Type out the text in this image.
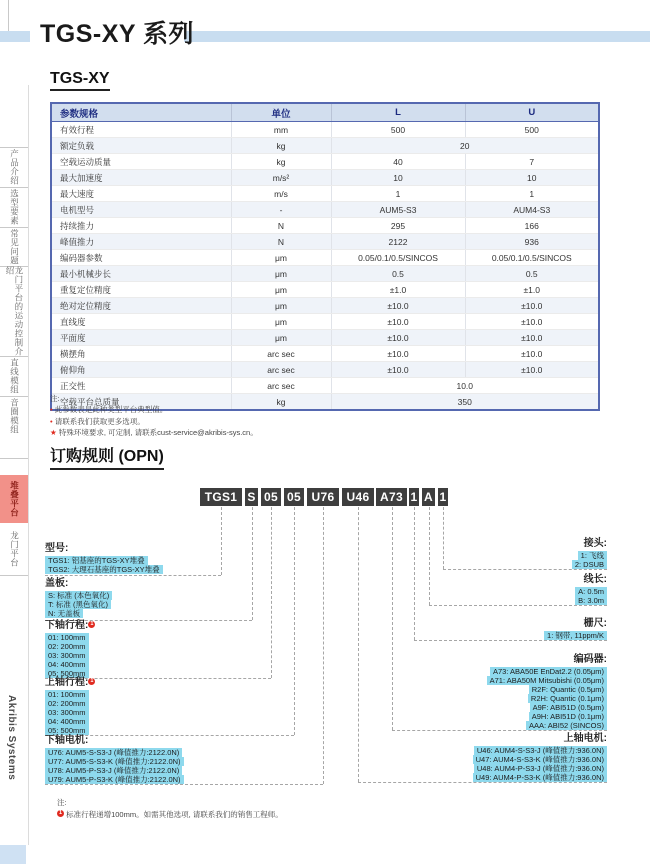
产品介绍
选型要素
常见问题
龙门平台的运动控制介绍
直线模组
音圈模组
堆叠平台
龙门平台
Akribis Systems
TGS-XY 系列
TGS-XY
参数规格	单位	L	U
有效行程	mm	500	500
额定负载	kg	20	
空载运动质量	kg	40	7
最大加速度	m/s²	10	10
最大速度	m/s	1	1
电机型号	-	AUM5-S3	AUM4-S3
持续推力	N	295	166
峰值推力	N	2122	936
编码器参数	μm	0.05/0.1/0.5/SINCOS	0.05/0.1/0.5/SINCOS
最小机械步长	μm	0.5	0.5
重复定位精度	μm	±1.0	±1.0
绝对定位精度	μm	±10.0	±10.0
直线度	μm	±10.0	±10.0
平面度	μm	±10.0	±10.0
横摆角	arc sec	±10.0	±10.0
俯仰角	arc sec	±10.0	±10.0
正交性	arc sec	10.0	
空载平台总质量	kg	350	
注:
• 此参数表是此种类型平台典型值。
• 请联系我们获取更多选项。
★ 特殊环境要求, 可定制, 请联系cust-service@akribis-sys.cn。
订购规则 (OPN)
TGS1 S 05 05 U76	U46 A73 1 A 1
型号:
TGS1: 铝基座的TGS-XY堆叠
TGS2: 大理石基座的TGS-XY堆叠
盖板:
S: 标准 (本色氧化)
T: 标准 (黑色氧化)
N: 无盖板
下轴行程: 1
01: 100mm
02: 200mm
03: 300mm
04: 400mm
05: 500mm
上轴行程: 1
01: 100mm
02: 200mm
03: 300mm
04: 400mm
05: 500mm
下轴电机:
U76: AUM5-S-S3-J (峰值推力:2122.0N)
U77: AUM5-S-S3-K (峰值推力:2122.0N)
U78: AUM5-P-S3-J (峰值推力:2122.0N)
U79: AUM5-P-S3-K (峰值推力:2122.0N)
接头:
1: 飞线
2: DSUB
线长:
A: 0.5m
B: 3.0m
栅尺:
1: 钢带, 11ppm/K
编码器:
A73: ABA50E EnDat2.2 (0.05μm)
A71: ABA50M Mitsubishi (0.05μm)
R2F: Quantic (0.5μm)
R2H: Quantic (0.1μm)
A9F: ABI51D (0.5μm)
A9H: ABI51D (0.1μm)
AAA: ABI52 (SINCOS)
上轴电机:
U46: AUM4-S-S3-J (峰值推力:936.0N)
U47: AUM4-S-S3-K (峰值推力:936.0N)
U48: AUM4-P-S3-J (峰值推力:936.0N)
U49: AUM4-P-S3-K (峰值推力:936.0N)
注:
1 标准行程递增100mm。如需其他选项, 请联系我们的销售工程师。
